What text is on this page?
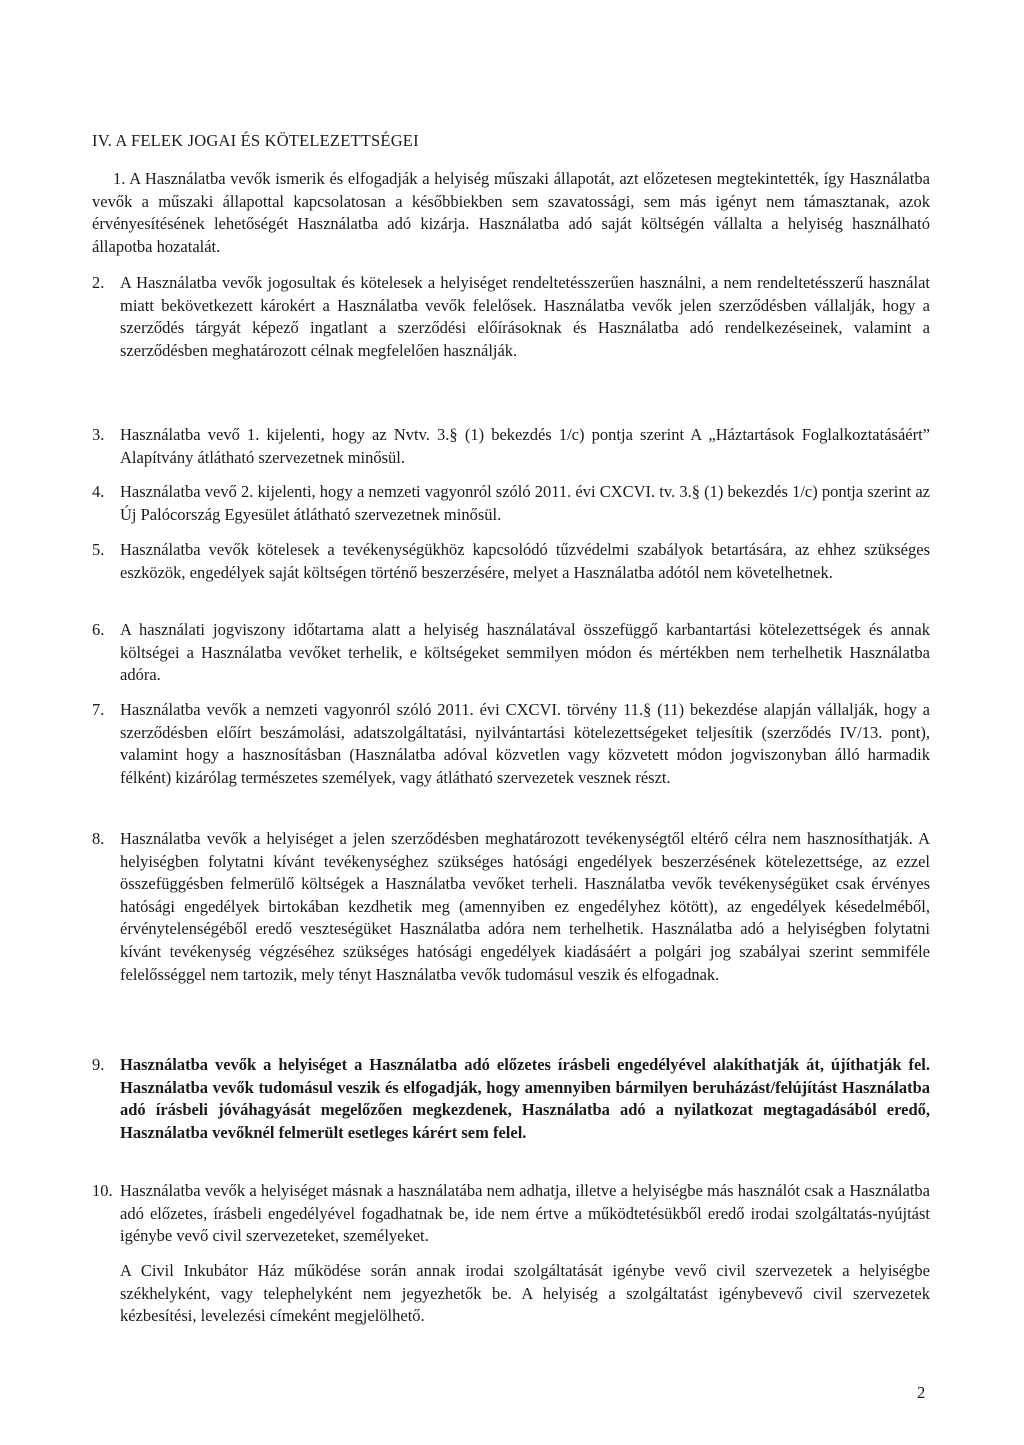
IV. A FELEK JOGAI ÉS KÖTELEZETTSÉGEI
1. A Használatba vevők ismerik és elfogadják a helyiség műszaki állapotát, azt előzetesen megtekintették, így Használatba vevők a műszaki állapottal kapcsolatosan a későbbiekben sem szavatossági, sem más igényt nem támasztanak, azok érvényesítésének lehetőségét Használatba adó kizárja. Használatba adó saját költségén vállalta a helyiség használható állapotba hozatalát.
2. A Használatba vevők jogosultak és kötelesek a helyiséget rendeltetésszerűen használni, a nem rendeltetésszerű használat miatt bekövetkezett károkért a Használatba vevők felelősek. Használatba vevők jelen szerződésben vállalják, hogy a szerződés tárgyát képező ingatlant a szerződési előírásoknak és Használatba adó rendelkezéseinek, valamint a szerződésben meghatározott célnak megfelelően használják.
3. Használatba vevő 1. kijelenti, hogy az Nvtv. 3.§ (1) bekezdés 1/c) pontja szerint A „Háztartások Foglalkoztatásáért” Alapítvány átlátható szervezetnek minősül.
4. Használatba vevő 2. kijelenti, hogy a nemzeti vagyonról szóló 2011. évi CXCVI. tv. 3.§ (1) bekezdés 1/c) pontja szerint az Új Palócország Egyesület átlátható szervezetnek minősül.
5. Használatba vevők kötelesek a tevékenységükhöz kapcsolódó tűzvédelmi szabályok betartására, az ehhez szükséges eszközök, engedélyek saját költségen történő beszerzésére, melyet a Használatba adótól nem követelhetnek.
6. A használati jogviszony időtartama alatt a helyiség használatával összefüggő karbantartási kötelezettségek és annak költségei a Használatba vevőket terhelik, e költségeket semmilyen módon és mértékben nem terhelhetik Használatba adóra.
7. Használatba vevők a nemzeti vagyonról szóló 2011. évi CXCVI. törvény 11.§ (11) bekezdése alapján vállalják, hogy a szerződésben előírt beszámolási, adatszolgáltatási, nyilvántartási kötelezettségeket teljesítik (szerződés IV/13. pont), valamint hogy a hasznosításban (Használatba adóval közvetlen vagy közvetett módon jogviszonyban álló harmadik félként) kizárólag természetes személyek, vagy átlátható szervezetek vesznek részt.
8. Használatba vevők a helyiséget a jelen szerződésben meghatározott tevékenységtől eltérő célra nem hasznosíthatják. A helyiségben folytatni kívánt tevékenységhez szükséges hatósági engedélyek beszerzésének kötelezettsége, az ezzel összefüggésben felmerülő költségek a Használatba vevőket terheli. Használatba vevők tevékenységüket csak érvényes hatósági engedélyek birtokában kezdhetik meg (amennyiben ez engedélyhez kötött), az engedélyek késedelméből, érvénytelenségéből eredő veszteségüket Használatba adóra nem terhelhetik. Használatba adó a helyiségben folytatni kívánt tevékenység végzéséhez szükséges hatósági engedélyek kiadásáért a polgári jog szabályai szerint semmiféle felelősséggel nem tartozik, mely tényt Használatba vevők tudomásul veszik és elfogadnak.
9. Használatba vevők a helyiséget a Használatba adó előzetes írásbeli engedélyével alakíthatják át, újíthatják fel. Használatba vevők tudomásul veszik és elfogadják, hogy amennyiben bármilyen beruházást/felújítást Használatba adó írásbeli jóváhagyását megelőzően megkezdenek, Használatba adó a nyilatkozat megtagadásából eredő, Használatba vevőknél felmerült esetleges kárért sem felel.
10. Használatba vevők a helyiséget másnak a használatába nem adhatja, illetve a helyiségbe más használót csak a Használatba adó előzetes, írásbeli engedélyével fogadhatnak be, ide nem értve a működtetésükből eredő irodai szolgáltatás-nyújtást igénybe vevő civil szervezeteket, személyeket.
A Civil Inkubátor Ház működése során annak irodai szolgáltatását igénybe vevő civil szervezetek a helyiségbe székhelyként, vagy telephelyként nem jegyezhetők be. A helyiség a szolgáltatást igénybevevő civil szervezetek kézbesítési, levelezési címeként megjelölhető.
2
